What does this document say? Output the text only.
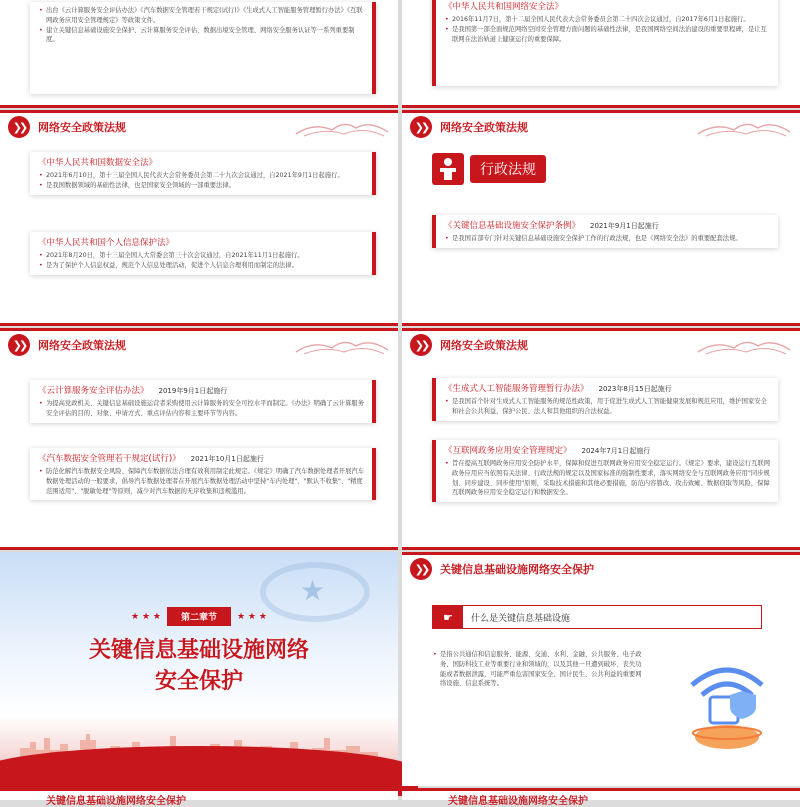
• 出台《云计算服务安全评估办法》《汽车数据安全管理若干规定(试行)》《生成式人工智能服务管理暂行办法》《互联网政务应用安全管理规定》等政策文件。
• 建立关键信息基础设施安全保护、云计算服务安全评估、数据出境安全管理、网络安全服务认证等一系列重要制度。
《中华人民共和国网络安全法》
• 2016年11月7日，第十二届全国人民代表大会常务委员会第二十四次会议通过，自2017年6月1日起施行。
• 是我国第一部全面规范网络空间安全管理方面问题的基础性法律，是我国网络空间法治建设的重要里程碑，是让互联网在法治轨道上健康运行的重要保障。
❯❯	网络安全政策法规
《中华人民共和国数据安全法》
• 2021年6月10日，第十三届全国人民代表大会常务委员会第二十九次会议通过，自2021年9月1日起施行。
• 是我国数据领域的基础性法律，也是国家安全领域的一部重要法律。
《中华人民共和国个人信息保护法》
• 2021年8月20日，第十三届全国人大常委会第三十次会议通过，自2021年11月1日起施行。
• 是为了保护个人信息权益，规范个人信息处理活动，促进个人信息合理利用而制定的法律。
❯❯	网络安全政策法规
行政法规
《关键信息基础设施安全保护条例》 2021年9月1日起施行
• 是我国首部专门针对关键信息基础设施安全保护工作的行政法规，也是《网络安全法》的重要配套法规。
❯❯	网络安全政策法规
《云计算服务安全评估办法》 2019年9月1日起施行
• 为提高党政机关、关键信息基础设施运营者采购使用云计算服务的安全可控水平而制定。《办法》明确了云计算服务安全评估的目的、对象、申请方式、重点评估内容和主要环节等内容。
《汽车数据安全管理若干规定(试行)》 2021年10月1日起施行
• 防范化解汽车数据安全风险、保障汽车数据依法合理有效利用制定此规定。《规定》明确了汽车数据处理者开展汽车数据处理活动的一般要求，倡导汽车数据处理者在开展汽车数据处理活动中坚持"车内处理"、"默认不收集"、"精度范围适用"、"脱敏处理"等原则，减少对汽车数据的无序收集和违规滥用。
❯❯	网络安全政策法规
《生成式人工智能服务管理暂行办法》 2023年8月15日起施行
• 是我国首个针对生成式人工智能服务的规范性政策，用于促进生成式人工智能健康发展和规范应用，维护国家安全和社会公共利益，保护公民、法人和其他组织的合法权益。
《互联网政务应用安全管理规定》 2024年7月1日起施行
• 旨在提高互联网政务应用安全防护水平，保障和促进互联网政务应用安全稳定运行。《规定》要求，建设运行互联网政务应用应当依照有关法律、行政法规的规定以及国家标准的强制性要求，落实网络安全与互联网政务应用"同步规划、同步建设、同步使用"原则，采取技术措施和其他必要措施，防范内容篡改、攻击致瘫、数据窃取等风险，保障互联网政务应用安全稳定运行和数据安全。
★
★ ★ ★	第二章节	★ ★ ★
关键信息基础设施网络
安全保护
❯❯	关键信息基础设施网络安全保护
☛	什么是关键信息基础设施
• 是指公共通信和信息服务、能源、交通、水利、金融、公共服务、电子政务、国防科技工业等重要行业和领域的，以及其他一旦遭到破坏、丧失功能或者数据泄露，可能严重危害国家安全、国计民生、公共利益的重要网络设施、信息系统等。
关键信息基础设施网络安全保护	关键信息基础设施网络安全保护
